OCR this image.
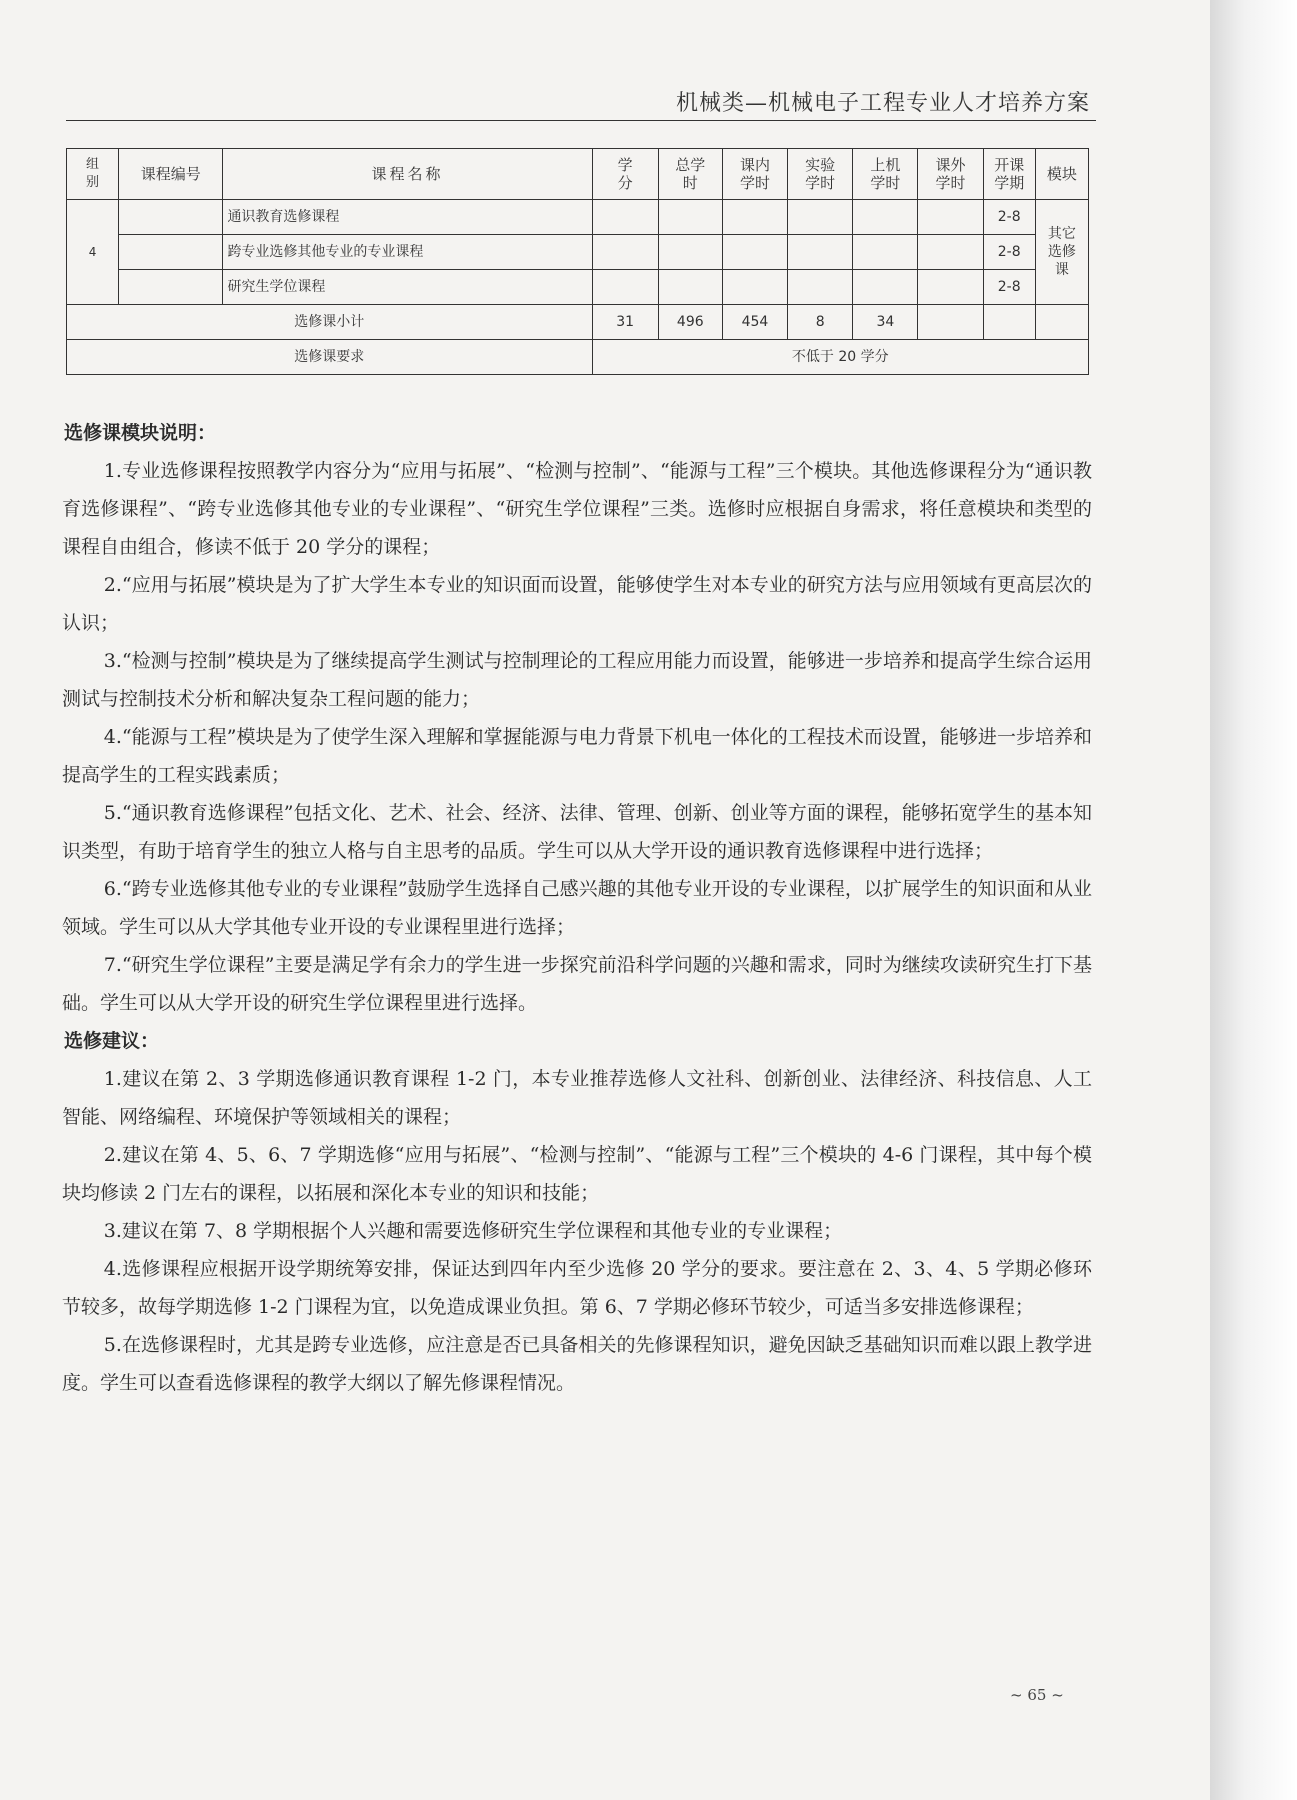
机械类—机械电子工程专业人才培养方案
组别	课程编号	课程名称	学分	总学时	课内学时	实验学时	上机学时	课外学时	开课学期	模块
4		通识教育选修课程							2-8	其它选修课

		跨专业选修其他专业的专业课程							2-8	
		研究生学位课程							2-8	
选修课小计			31	496	454	8	34			
选修课要求			不低于 20 学分							
选修课模块说明：

1.专业选修课程按照教学内容分为“应用与拓展”、“检测与控制”、“能源与工程”三个模块。其他选修课程分为“通识教育选修课程”、“跨专业选修其他专业的专业课程”、“研究生学位课程”三类。选修时应根据自身需求，将任意模块和类型的课程自由组合，修读不低于 20 学分的课程；

2.“应用与拓展”模块是为了扩大学生本专业的知识面而设置，能够使学生对本专业的研究方法与应用领域有更高层次的认识；

3.“检测与控制”模块是为了继续提高学生测试与控制理论的工程应用能力而设置，能够进一步培养和提高学生综合运用测试与控制技术分析和解决复杂工程问题的能力；

4.“能源与工程”模块是为了使学生深入理解和掌握能源与电力背景下机电一体化的工程技术而设置，能够进一步培养和提高学生的工程实践素质；

5.“通识教育选修课程”包括文化、艺术、社会、经济、法律、管理、创新、创业等方面的课程，能够拓宽学生的基本知识类型，有助于培育学生的独立人格与自主思考的品质。学生可以从大学开设的通识教育选修课程中进行选择；

6.“跨专业选修其他专业的专业课程”鼓励学生选择自己感兴趣的其他专业开设的专业课程，以扩展学生的知识面和从业领域。学生可以从大学其他专业开设的专业课程里进行选择；

7.“研究生学位课程”主要是满足学有余力的学生进一步探究前沿科学问题的兴趣和需求，同时为继续攻读研究生打下基础。学生可以从大学开设的研究生学位课程里进行选择。

选修建议：

1.建议在第 2、3 学期选修通识教育课程 1-2 门，本专业推荐选修人文社科、创新创业、法律经济、科技信息、人工智能、网络编程、环境保护等领域相关的课程；

2.建议在第 4、5、6、7 学期选修“应用与拓展”、“检测与控制”、“能源与工程”三个模块的 4-6 门课程，其中每个模块均修读 2 门左右的课程，以拓展和深化本专业的知识和技能；

3.建议在第 7、8 学期根据个人兴趣和需要选修研究生学位课程和其他专业的专业课程；

4.选修课程应根据开设学期统筹安排，保证达到四年内至少选修 20 学分的要求。要注意在 2、3、4、5 学期必修环节较多，故每学期选修 1-2 门课程为宜，以免造成课业负担。第 6、7 学期必修环节较少，可适当多安排选修课程；

5.在选修课程时，尤其是跨专业选修，应注意是否已具备相关的先修课程知识，避免因缺乏基础知识而难以跟上教学进度。学生可以查看选修课程的教学大纲以了解先修课程情况。

~ 65 ~
